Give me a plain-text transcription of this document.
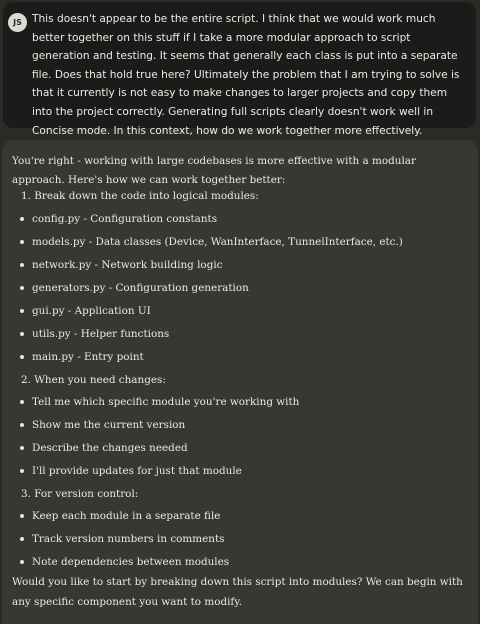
JS This doesn't appear to be the entire script. I think that we would work much better together on this stuff if I take a more modular approach to script generation and testing. It seems that generally each class is put into a separate file. Does that hold true here? Ultimately the problem that I am trying to solve is that it currently is not easy to make changes to larger projects and copy them into the project correctly. Generating full scripts clearly doesn't work well in Concise mode. In this context, how do we work together more effectively.

You're right - working with large codebases is more effective with a modular approach. Here's how we can work together better:
1. Break down the code into logical modules:
config.py - Configuration constants
models.py - Data classes (Device, WanInterface, TunnelInterface, etc.)
network.py - Network building logic
generators.py - Configuration generation
gui.py - Application UI
utils.py - Helper functions
main.py - Entry point
2. When you need changes:
Tell me which specific module you're working with
Show me the current version
Describe the changes needed
I'll provide updates for just that module
3. For version control:
Keep each module in a separate file
Track version numbers in comments
Note dependencies between modules
Would you like to start by breaking down this script into modules? We can begin with any specific component you want to modify.
